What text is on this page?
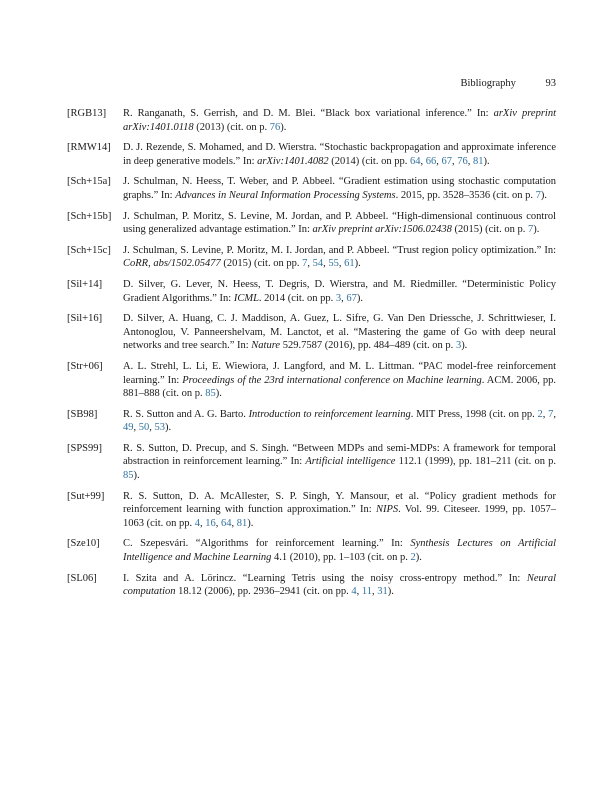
Bibliography	93
[RGB13]	R. Ranganath, S. Gerrish, and D. M. Blei. “Black box variational inference.” In: arXiv preprint arXiv:1401.0118 (2013) (cit. on p. 76).
[RMW14]	D. J. Rezende, S. Mohamed, and D. Wierstra. “Stochastic backpropagation and approximate inference in deep generative models.” In: arXiv:1401.4082 (2014) (cit. on pp. 64, 66, 67, 76, 81).
[Sch+15a]	J. Schulman, N. Heess, T. Weber, and P. Abbeel. “Gradient estimation using stochastic computation graphs.” In: Advances in Neural Information Processing Systems. 2015, pp. 3528–3536 (cit. on p. 7).
[Sch+15b]	J. Schulman, P. Moritz, S. Levine, M. Jordan, and P. Abbeel. “High-dimensional continuous control using generalized advantage estimation.” In: arXiv preprint arXiv:1506.02438 (2015) (cit. on p. 7).
[Sch+15c]	J. Schulman, S. Levine, P. Moritz, M. I. Jordan, and P. Abbeel. “Trust region policy optimization.” In: CoRR, abs/1502.05477 (2015) (cit. on pp. 7, 54, 55, 61).
[Sil+14]	D. Silver, G. Lever, N. Heess, T. Degris, D. Wierstra, and M. Riedmiller. “Deterministic Policy Gradient Algorithms.” In: ICML. 2014 (cit. on pp. 3, 67).
[Sil+16]	D. Silver, A. Huang, C. J. Maddison, A. Guez, L. Sifre, G. Van Den Driessche, J. Schrittwieser, I. Antonoglou, V. Panneershelvam, M. Lanctot, et al. “Mastering the game of Go with deep neural networks and tree search.” In: Nature 529.7587 (2016), pp. 484–489 (cit. on p. 3).
[Str+06]	A. L. Strehl, L. Li, E. Wiewiora, J. Langford, and M. L. Littman. “PAC model-free reinforcement learning.” In: Proceedings of the 23rd international conference on Machine learning. ACM. 2006, pp. 881–888 (cit. on p. 85).
[SB98]	R. S. Sutton and A. G. Barto. Introduction to reinforcement learning. MIT Press, 1998 (cit. on pp. 2, 7, 49, 50, 53).
[SPS99]	R. S. Sutton, D. Precup, and S. Singh. “Between MDPs and semi-MDPs: A framework for temporal abstraction in reinforcement learning.” In: Artificial intelligence 112.1 (1999), pp. 181–211 (cit. on p. 85).
[Sut+99]	R. S. Sutton, D. A. McAllester, S. P. Singh, Y. Mansour, et al. “Policy gradient methods for reinforcement learning with function approximation.” In: NIPS. Vol. 99. Citeseer. 1999, pp. 1057–1063 (cit. on pp. 4, 16, 64, 81).
[Sze10]	C. Szepesvári. “Algorithms for reinforcement learning.” In: Synthesis Lectures on Artificial Intelligence and Machine Learning 4.1 (2010), pp. 1–103 (cit. on p. 2).
[SL06]	I. Szita and A. Lörincz. “Learning Tetris using the noisy cross-entropy method.” In: Neural computation 18.12 (2006), pp. 2936–2941 (cit. on pp. 4, 11, 31).
